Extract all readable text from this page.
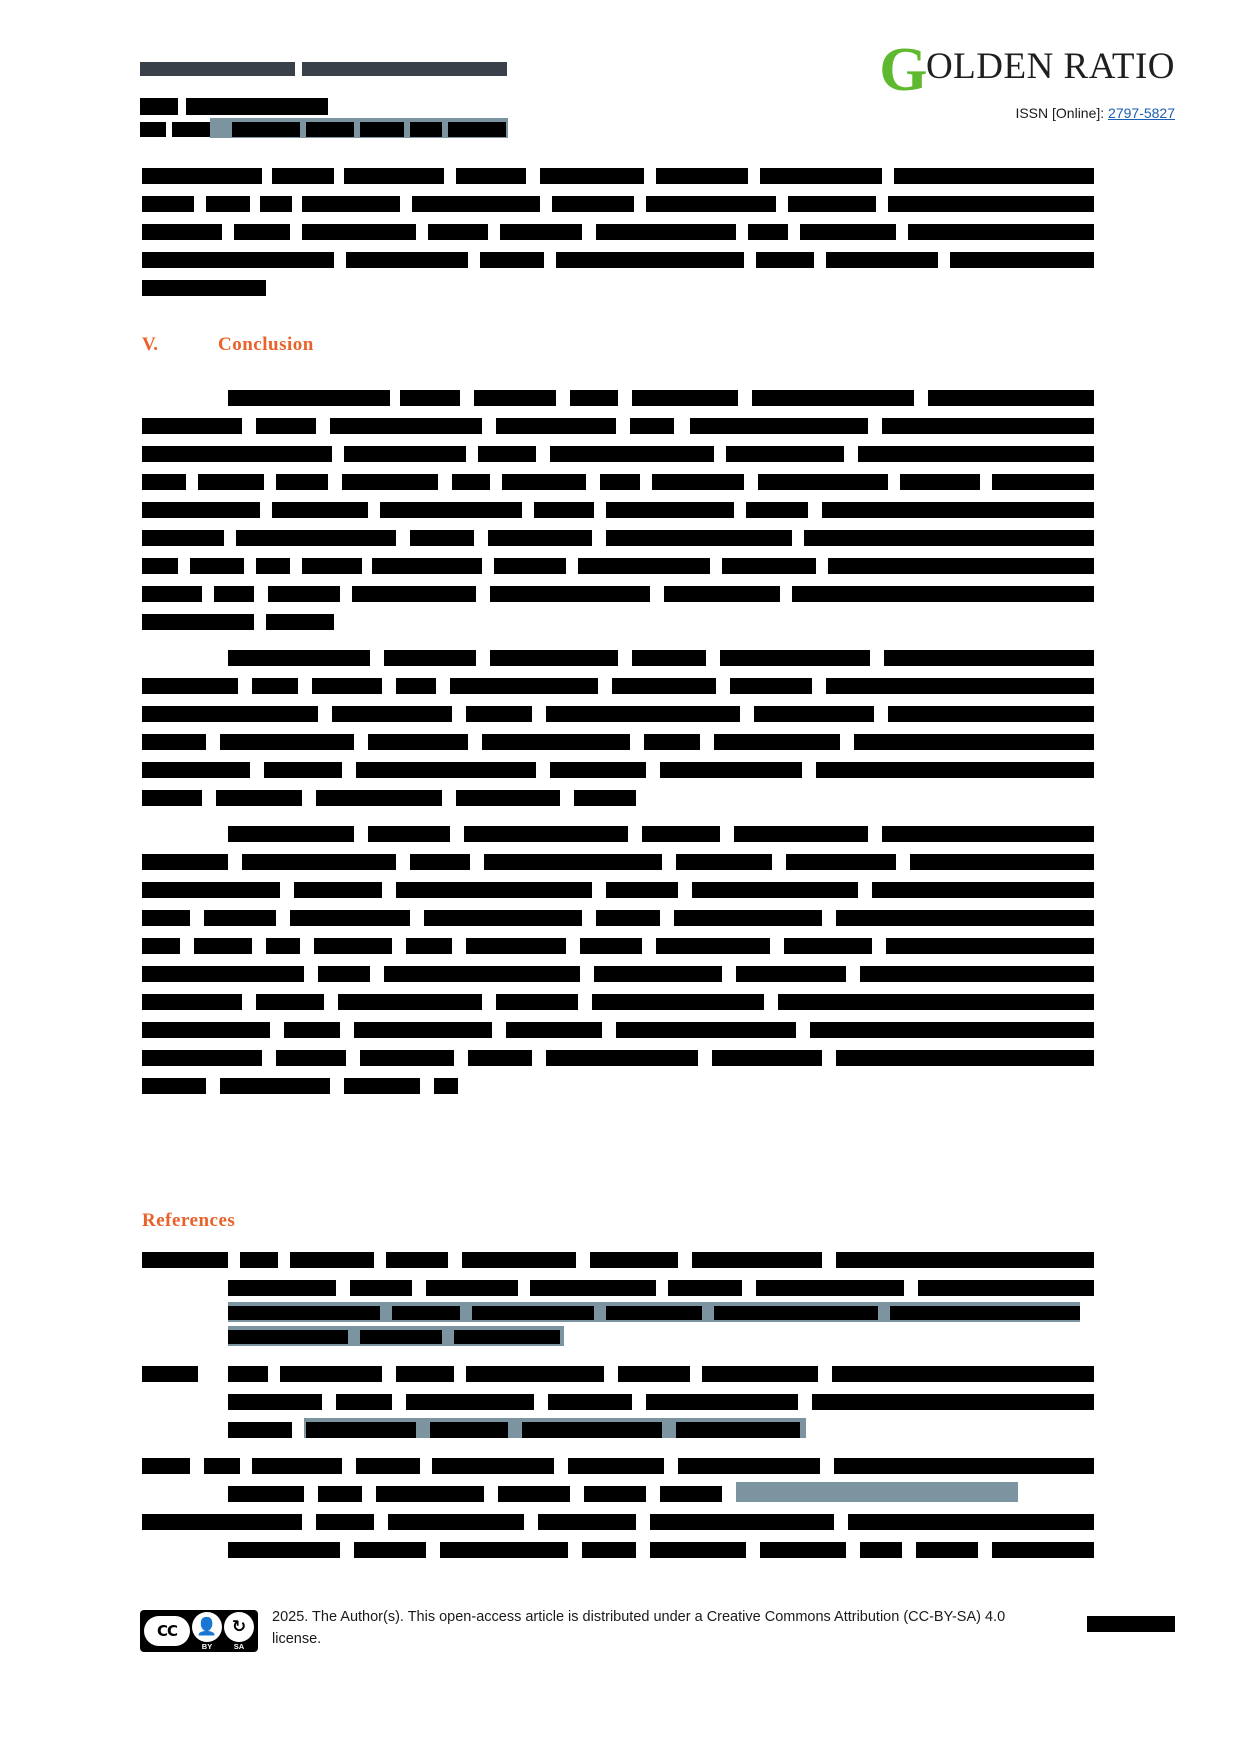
GOLDEN RATIO
ISSN [Online]: 2797-5827
V.	Conclusion
References
CC 👤
BY
↻
SA
2025. The Author(s). This open-access article is distributed under a Creative Commons Attribution (CC-BY-SA) 4.0 license.
